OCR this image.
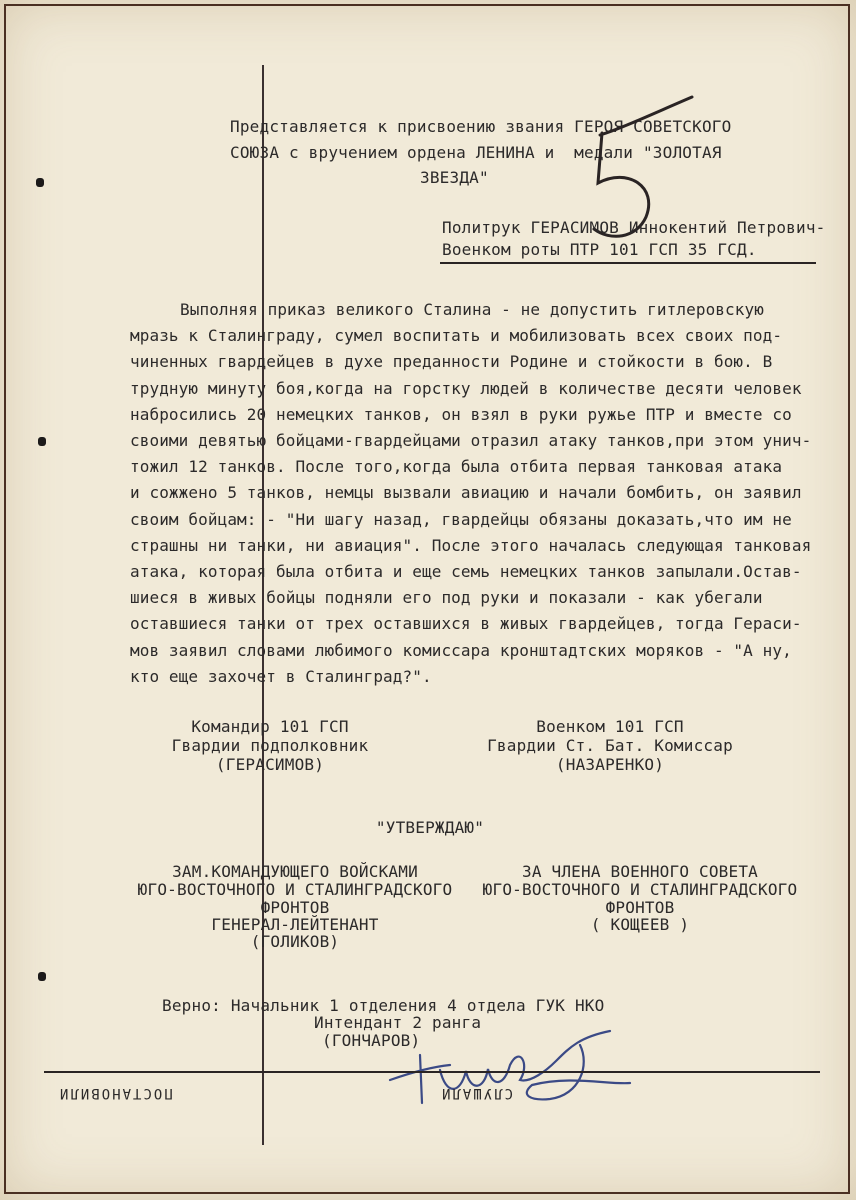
Представляется к присвоению звания ГЕРОЯ СОВЕТСКОГО
СОЮЗА с вручением ордена ЛЕНИНА и  медали "ЗОЛОТАЯ
ЗВЕЗДА"
Политрук ГЕРАСИМОВ Иннокентий Петрович-
Военком роты ПТР 101 ГСП 35 ГСД.
Выполняя приказ великого Сталина - не допустить гитлеровскую
мразь к Сталинграду, сумел воспитать и мобилизовать всех своих под-
чиненных гвардейцев в духе преданности Родине и стойкости в бою. В
трудную минуту боя,когда на горстку людей в количестве десяти человек
набросились 20 немецких танков, он взял в руки ружье ПТР и вместе со
своими девятью бойцами-гвардейцами отразил атаку танков,при этом унич-
тожил 12 танков. После того,когда была отбита первая танковая атака
и сожжено 5 танков, немцы вызвали авиацию и начали бомбить, он заявил
своим бойцам: - "Ни шагу назад, гвардейцы обязаны доказать,что им не
страшны ни танки, ни авиация". После этого началась следующая танковая
атака, которая была отбита и еще семь немецких танков запылали.Остав-
шиеся в живых бойцы подняли его под руки и показали - как убегали
оставшиеся танки от трех оставшихся в живых гвардейцев, тогда Гераси-
мов заявил словами любимого комиссара кронштадтских моряков - "А ну,
кто еще захочет в Сталинград?".
Командир 101 ГСП
Гвардии подполковник
(ГЕРАСИМОВ)
Военком 101 ГСП
Гвардии Ст. Бат. Комиссар
(НАЗАРЕНКО)
"УТВЕРЖДАЮ"
ЗАМ.КОМАНДУЮЩЕГО ВОЙСКАМИ
ЮГО-ВОСТОЧНОГО И СТАЛИНГРАДСКОГО
ФРОНТОВ
ГЕНЕРАЛ-ЛЕЙТЕНАНТ
(ГОЛИКОВ)
ЗА ЧЛЕНА ВОЕННОГО СОВЕТА
ЮГО-ВОСТОЧНОГО И СТАЛИНГРАДСКОГО
ФРОНТОВ
( КОЩЕЕВ )
Верно: Начальник 1 отделения 4 отдела ГУК НКО
Интендант 2 ранга
(ГОНЧАРОВ)
ПОСТАНОВИЛИ	СЛУШАЛИ
